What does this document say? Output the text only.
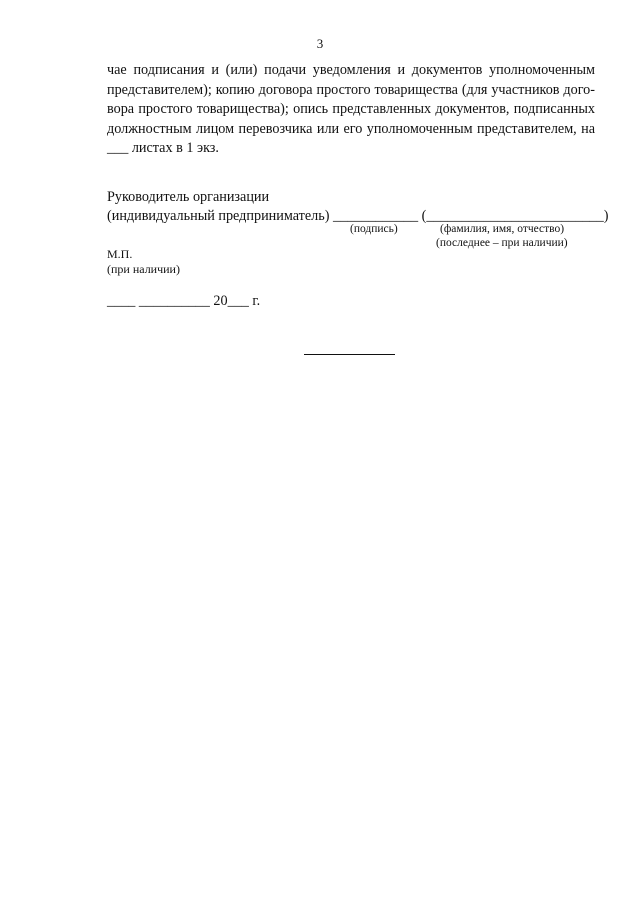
3
чае подписания и (или) подачи уведомления и документов уполномоченным
представителем); копию договора простого товарищества (для участников дого-
вора простого товарищества); опись представленных документов, подписанных
должностным лицом перевозчика или его уполномоченным представителем, на
___ листах в 1 экз.
Руководитель организации
(индивидуальный предприниматель) ____________ (_________________________)
(подпись)	(фамилия, имя, отчество)
(последнее – при наличии)
М.П.
(при наличии)
____ __________ 20___ г.
